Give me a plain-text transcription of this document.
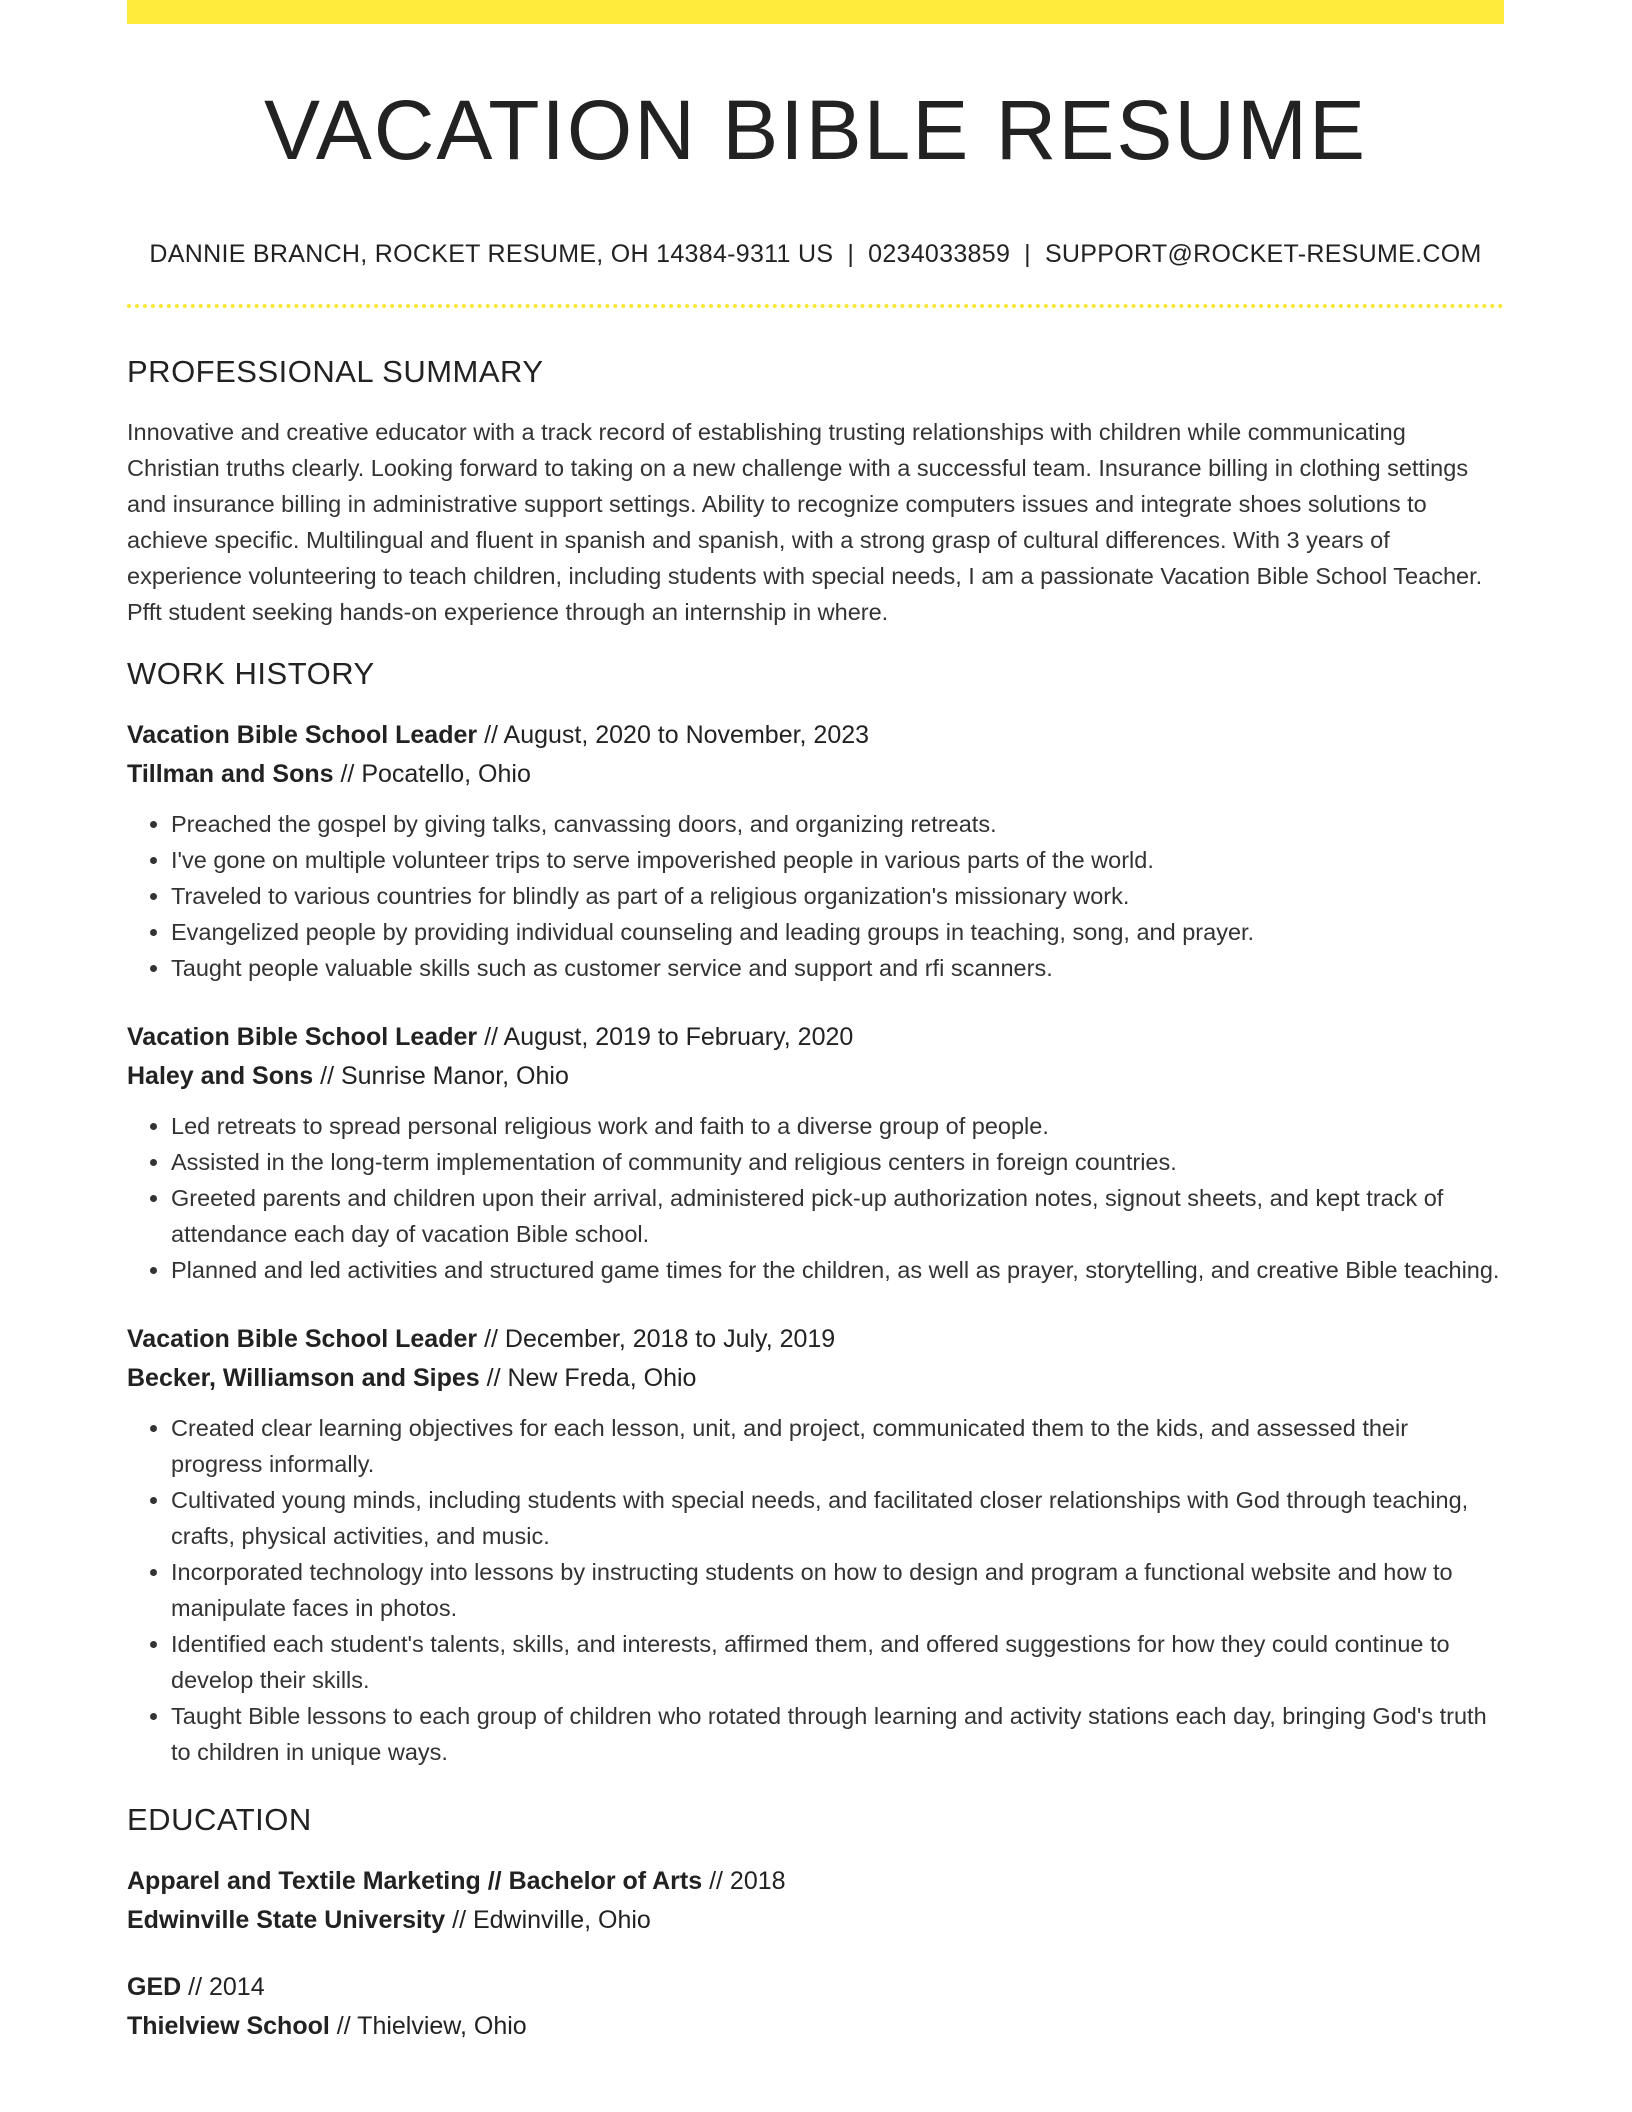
VACATION BIBLE RESUME
DANNIE BRANCH, ROCKET RESUME, OH 14384-9311 US | 0234033859 | SUPPORT@ROCKET-RESUME.COM
PROFESSIONAL SUMMARY

Innovative and creative educator with a track record of establishing trusting relationships with children while communicating Christian truths clearly. Looking forward to taking on a new challenge with a successful team. Insurance billing in clothing settings and insurance billing in administrative support settings. Ability to recognize computers issues and integrate shoes solutions to achieve specific. Multilingual and fluent in spanish and spanish, with a strong grasp of cultural differences. With 3 years of experience volunteering to teach children, including students with special needs, I am a passionate Vacation Bible School Teacher. Pfft student seeking hands-on experience through an internship in where.

WORK HISTORY
Vacation Bible School Leader // August, 2020 to November, 2023
Tillman and Sons // Pocatello, Ohio
• Preached the gospel by giving talks, canvassing doors, and organizing retreats.
• I've gone on multiple volunteer trips to serve impoverished people in various parts of the world.
• Traveled to various countries for blindly as part of a religious organization's missionary work.
• Evangelized people by providing individual counseling and leading groups in teaching, song, and prayer.
• Taught people valuable skills such as customer service and support and rfi scanners.
Vacation Bible School Leader // August, 2019 to February, 2020
Haley and Sons // Sunrise Manor, Ohio
• Led retreats to spread personal religious work and faith to a diverse group of people.
• Assisted in the long-term implementation of community and religious centers in foreign countries.
• Greeted parents and children upon their arrival, administered pick-up authorization notes, signout sheets, and kept track of attendance each day of vacation Bible school.
• Planned and led activities and structured game times for the children, as well as prayer, storytelling, and creative Bible teaching.
Vacation Bible School Leader // December, 2018 to July, 2019
Becker, Williamson and Sipes // New Freda, Ohio
• Created clear learning objectives for each lesson, unit, and project, communicated them to the kids, and assessed their progress informally.
• Cultivated young minds, including students with special needs, and facilitated closer relationships with God through teaching, crafts, physical activities, and music.
• Incorporated technology into lessons by instructing students on how to design and program a functional website and how to manipulate faces in photos.
• Identified each student's talents, skills, and interests, affirmed them, and offered suggestions for how they could continue to develop their skills.
• Taught Bible lessons to each group of children who rotated through learning and activity stations each day, bringing God's truth to children in unique ways.
EDUCATION
Apparel and Textile Marketing // Bachelor of Arts // 2018
Edwinville State University // Edwinville, Ohio
GED // 2014
Thielview School // Thielview, Ohio
